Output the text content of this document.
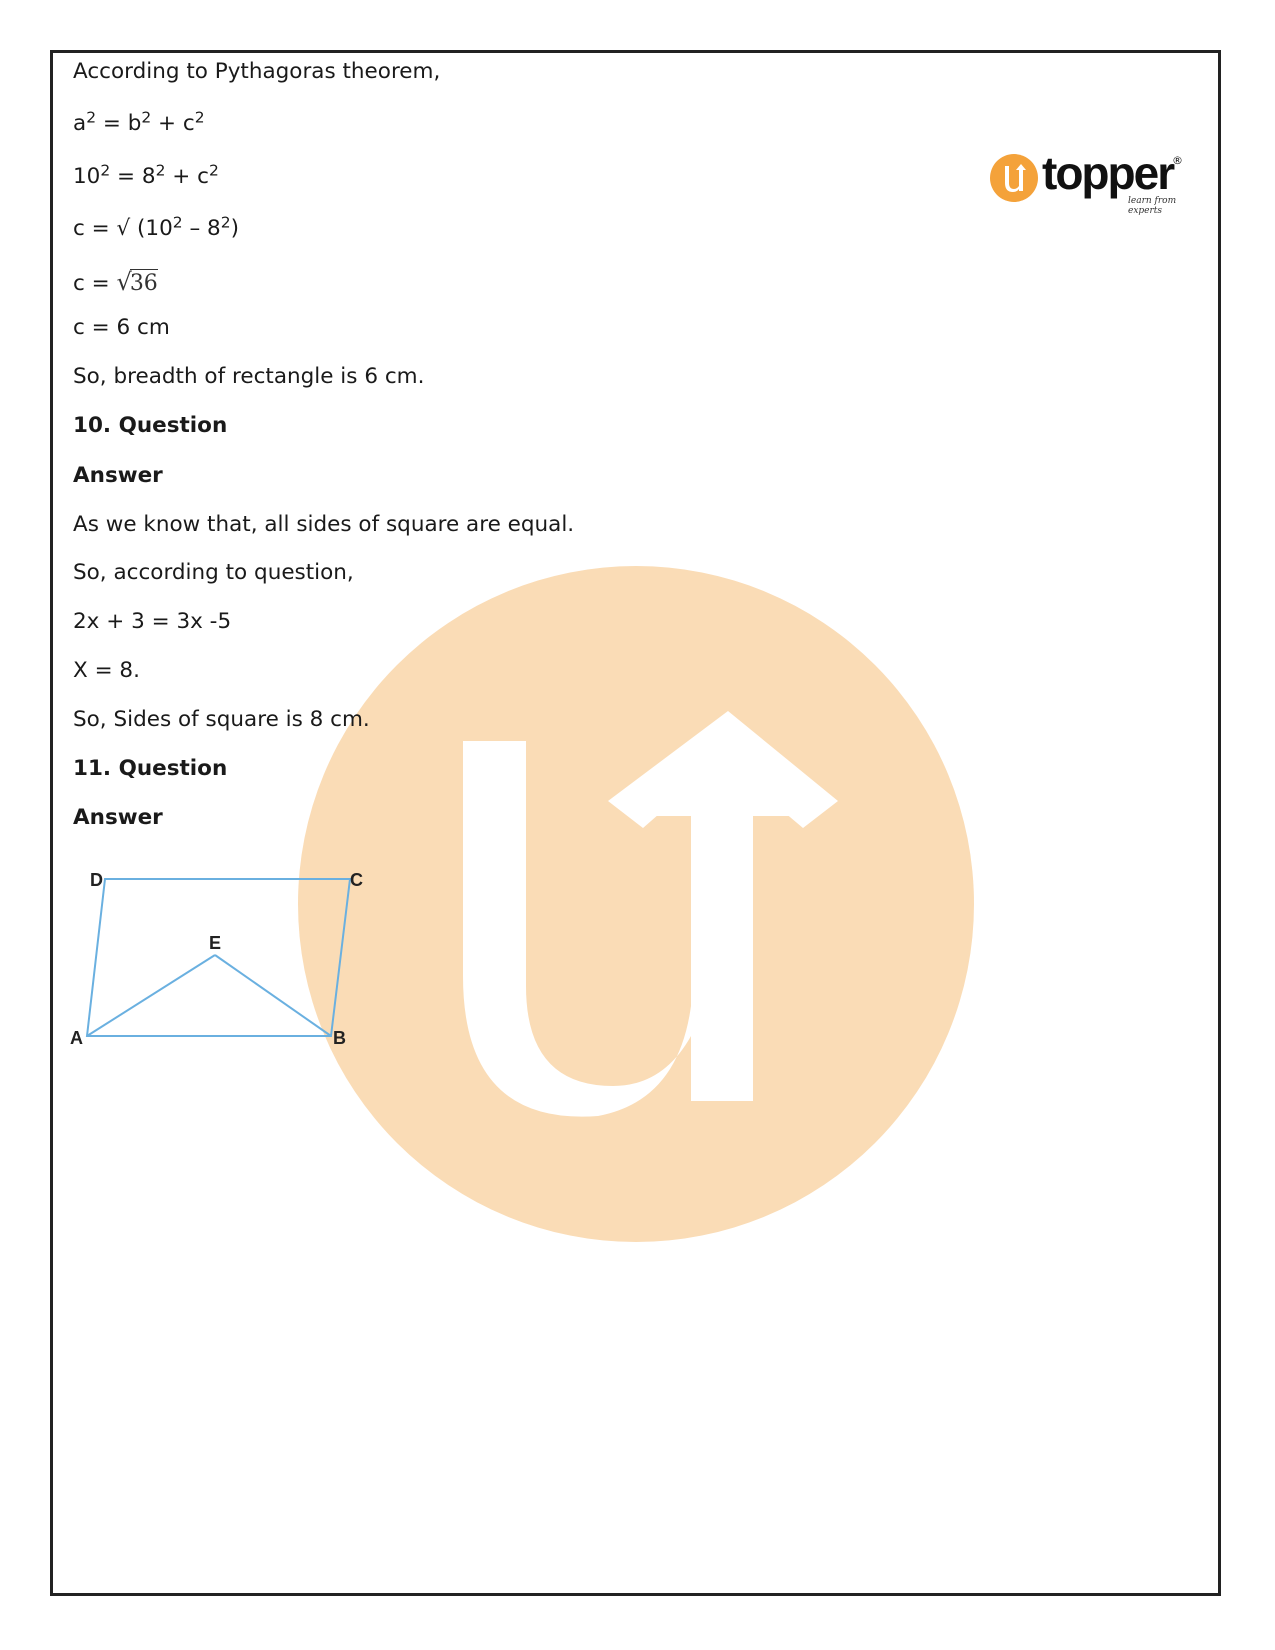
topper
®
learn from experts
According to Pythagoras theorem,
$a^2 = b^2 + c^2$
$10^2 = 8^2 + c^2$
c = √ $(10^2 - 8^2)$
c = √36
c = 6 cm
So, breadth of rectangle is 6 cm.
10. Question
Answer
As we know that, all sides of square are equal.
So, according to question,
2x + 3 = 3x -5
X = 8.
So, Sides of square is 8 cm.
11. Question
Answer
D	C
E
A	B
